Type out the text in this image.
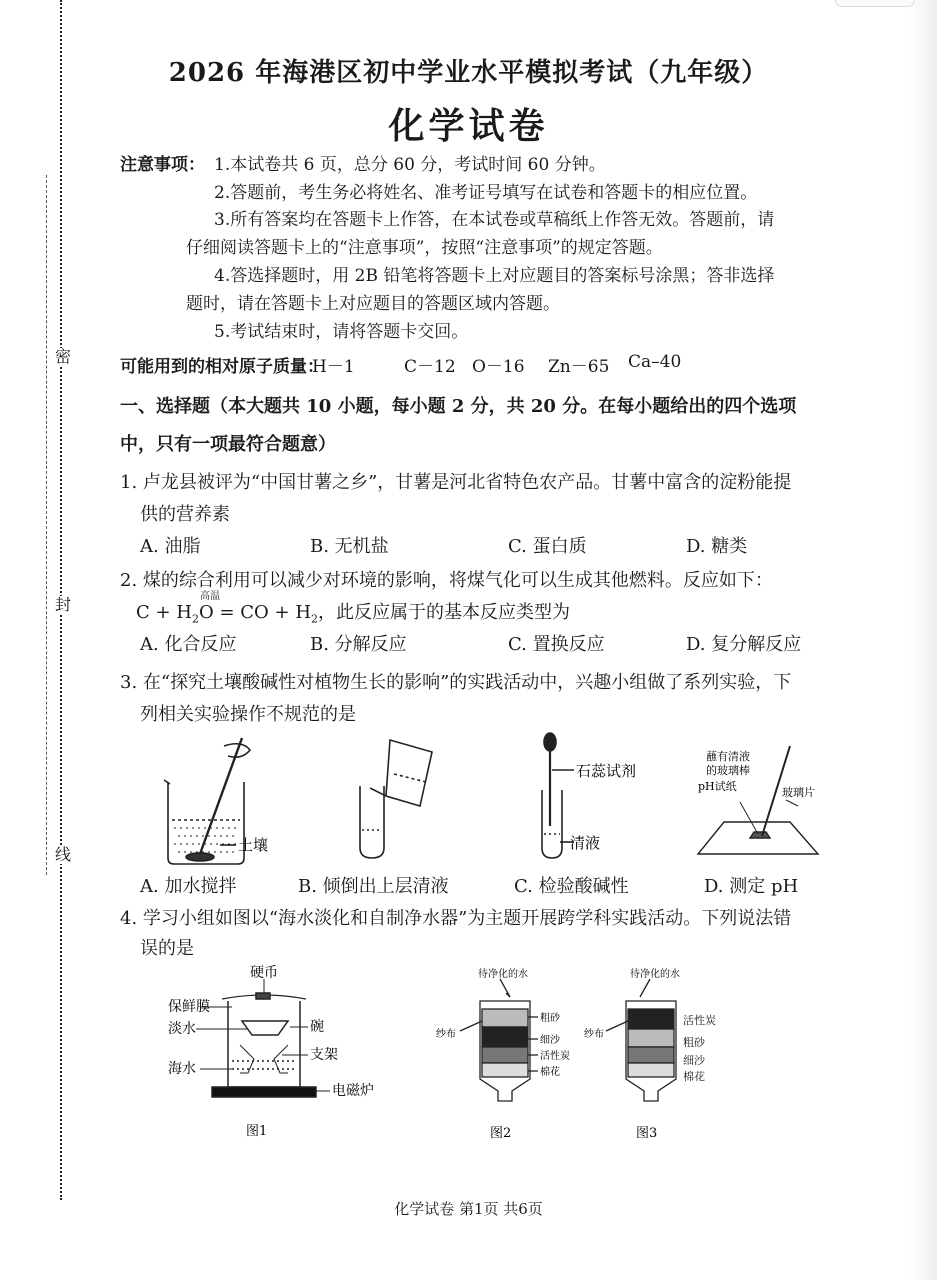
密
封
线
2026 年海港区初中学业水平模拟考试（九年级）
化学试卷
注意事项： 1.本试卷共 6 页，总分 60 分，考试时间 60 分钟。
2.答题前，考生务必将姓名、准考证号填写在试卷和答题卡的相应位置。
3.所有答案均在答题卡上作答，在本试卷或草稿纸上作答无效。答题前，请
仔细阅读答题卡上的“注意事项”，按照“注意事项”的规定答题。
4.答选择题时，用 2B 铅笔将答题卡上对应题目的答案标号涂黑；答非选择
题时，请在答题卡上对应题目的答题区域内答题。
5.考试结束时，请将答题卡交回。
可能用到的相对原子质量：
H－1	C－12 O－16 Zn－65 Ca–40
一、选择题（本大题共 10 小题，每小题 2 分，共 20 分。在每小题给出的四个选项
中，只有一项最符合题意）
1. 卢龙县被评为“中国甘薯之乡”，甘薯是河北省特色农产品。甘薯中富含的淀粉能提
供的营养素
A. 油脂	B. 无机盐	C. 蛋白质	D. 糖类
2. 煤的综合利用可以减少对环境的影响，将煤气化可以生成其他燃料。反应如下：
高温
$C + H_2O$ = CO + $H_2$，此反应属于的基本反应类型为
A. 化合反应	B. 分解反应	C. 置换反应	D. 复分解反应
3. 在“探究土壤酸碱性对植物生长的影响”的实践活动中，兴趣小组做了系列实验，下
列相关实验操作不规范的是
土壤
石蕊试剂
清液
蘸有清液
的玻璃棒
pH试纸	玻璃片
A. 加水搅拌	B. 倾倒出上层清液	C. 检验酸碱性	D. 测定 pH
4. 学习小组如图以“海水淡化和自制净水器”为主题开展跨学科实践活动。下列说法错
误的是
硬币
保鲜膜
碗
淡水
支架
海水
电磁炉
图1
待净化的水
纱布
粗砂
细沙
活性炭
棉花
图2
待净化的水
纱布
图3
活性炭
粗砂
细沙
棉花
化学试卷 第1页 共6页
